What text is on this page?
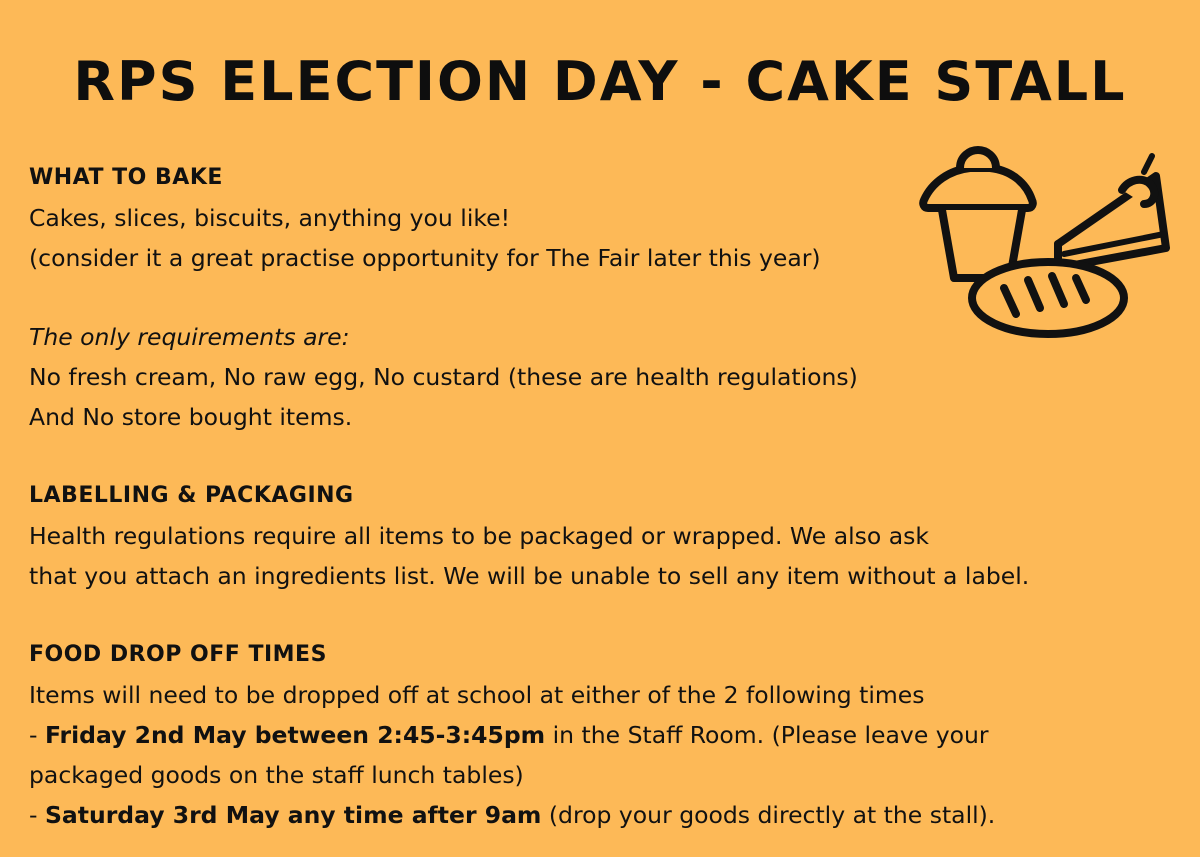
RPS ELECTION DAY - CAKE STALL
WHAT TO BAKE
Cakes, slices, biscuits, anything you like!
(consider it a great practise opportunity for The Fair later this year)
The only requirements are:
No fresh cream, No raw egg, No custard (these are health regulations)
And No store bought items.
LABELLING & PACKAGING
Health regulations require all items to be packaged or wrapped. We also ask
that you attach an ingredients list. We will be unable to sell any item without a label.
FOOD DROP OFF TIMES
Items will need to be dropped off at school at either of the 2 following times
- Friday 2nd May between 2:45-3:45pm in the Staff Room. (Please leave your
packaged goods on the staff lunch tables)
- Saturday 3rd May any time after 9am (drop your goods directly at the stall).
